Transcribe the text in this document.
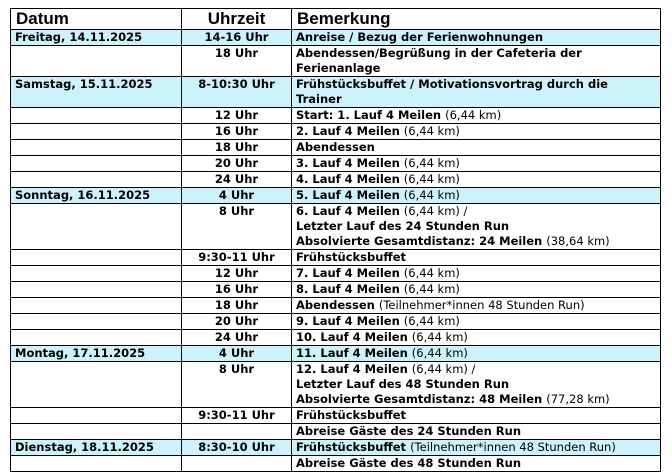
Datum	Uhrzeit	Bemerkung
Freitag, 14.11.2025	14-16 Uhr	Anreise / Bezug der Ferienwohnungen
	18 Uhr	Abendessen/Begrüßung in der Cafeteria der
Ferienanlage
Samstag, 15.11.2025	8-10:30 Uhr	Frühstücksbuffet / Motivationsvortrag durch die
Trainer
	12 Uhr	Start: 1. Lauf 4 Meilen (6,44 km)
	16 Uhr	2. Lauf 4 Meilen (6,44 km)
	18 Uhr	Abendessen
	20 Uhr	3. Lauf 4 Meilen (6,44 km)
	24 Uhr	4. Lauf 4 Meilen (6,44 km)
Sonntag, 16.11.2025	4 Uhr	5. Lauf 4 Meilen (6,44 km)
	8 Uhr	6. Lauf 4 Meilen (6,44 km) /
Letzter Lauf des 24 Stunden Run
Absolvierte Gesamtdistanz: 24 Meilen (38,64 km)
	9:30-11 Uhr	Frühstücksbuffet
	12 Uhr	7. Lauf 4 Meilen (6,44 km)
	16 Uhr	8. Lauf 4 Meilen (6,44 km)
	18 Uhr	Abendessen (Teilnehmer*innen 48 Stunden Run)
	20 Uhr	9. Lauf 4 Meilen (6,44 km)
	24 Uhr	10. Lauf 4 Meilen (6,44 km)
Montag, 17.11.2025	4 Uhr	11. Lauf 4 Meilen (6,44 km)
	8 Uhr	12. Lauf 4 Meilen (6,44 km) /
Letzter Lauf des 48 Stunden Run
Absolvierte Gesamtdistanz: 48 Meilen (77,28 km)
	9:30-11 Uhr	Frühstücksbuffet
		Abreise Gäste des 24 Stunden Run
Dienstag, 18.11.2025	8:30-10 Uhr	Frühstücksbuffet (Teilnehmer*innen 48 Stunden Run)
		Abreise Gäste des 48 Stunden Run
